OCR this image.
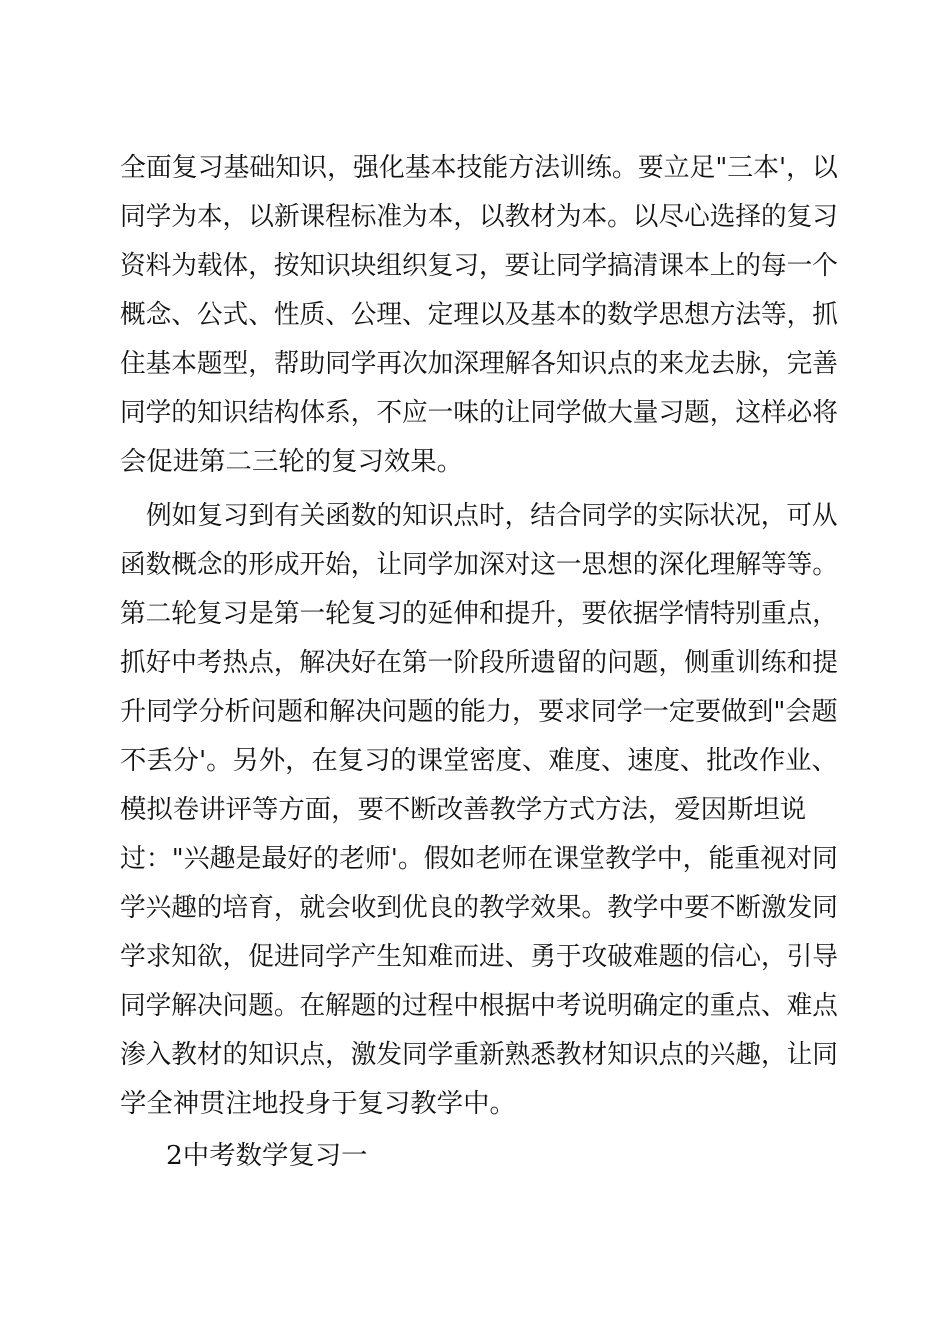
全面复习基础知识，强化基本技能方法训练。要立足"三本'，以
同学为本，以新课程标准为本，以教材为本。以尽心选择的复习
资料为载体，按知识块组织复习，要让同学搞清课本上的每一个
概念、公式、性质、公理、定理以及基本的数学思想方法等，抓
住基本题型，帮助同学再次加深理解各知识点的来龙去脉，完善
同学的知识结构体系，不应一味的让同学做大量习题，这样必将
会促进第二三轮的复习效果。
例如复习到有关函数的知识点时，结合同学的实际状况，可从
函数概念的形成开始，让同学加深对这一思想的深化理解等等。
第二轮复习是第一轮复习的延伸和提升，要依据学情特别重点，
抓好中考热点，解决好在第一阶段所遗留的问题，侧重训练和提
升同学分析问题和解决问题的能力，要求同学一定要做到"会题
不丢分'。另外，在复习的课堂密度、难度、速度、批改作业、
模拟卷讲评等方面，要不断改善教学方式方法，爱因斯坦说
过："兴趣是最好的老师'。假如老师在课堂教学中，能重视对同
学兴趣的培育，就会收到优良的教学效果。教学中要不断激发同
学求知欲，促进同学产生知难而进、勇于攻破难题的信心，引导
同学解决问题。在解题的过程中根据中考说明确定的重点、难点
渗入教材的知识点，激发同学重新熟悉教材知识点的兴趣，让同
学全神贯注地投身于复习教学中。
2中考数学复习一
